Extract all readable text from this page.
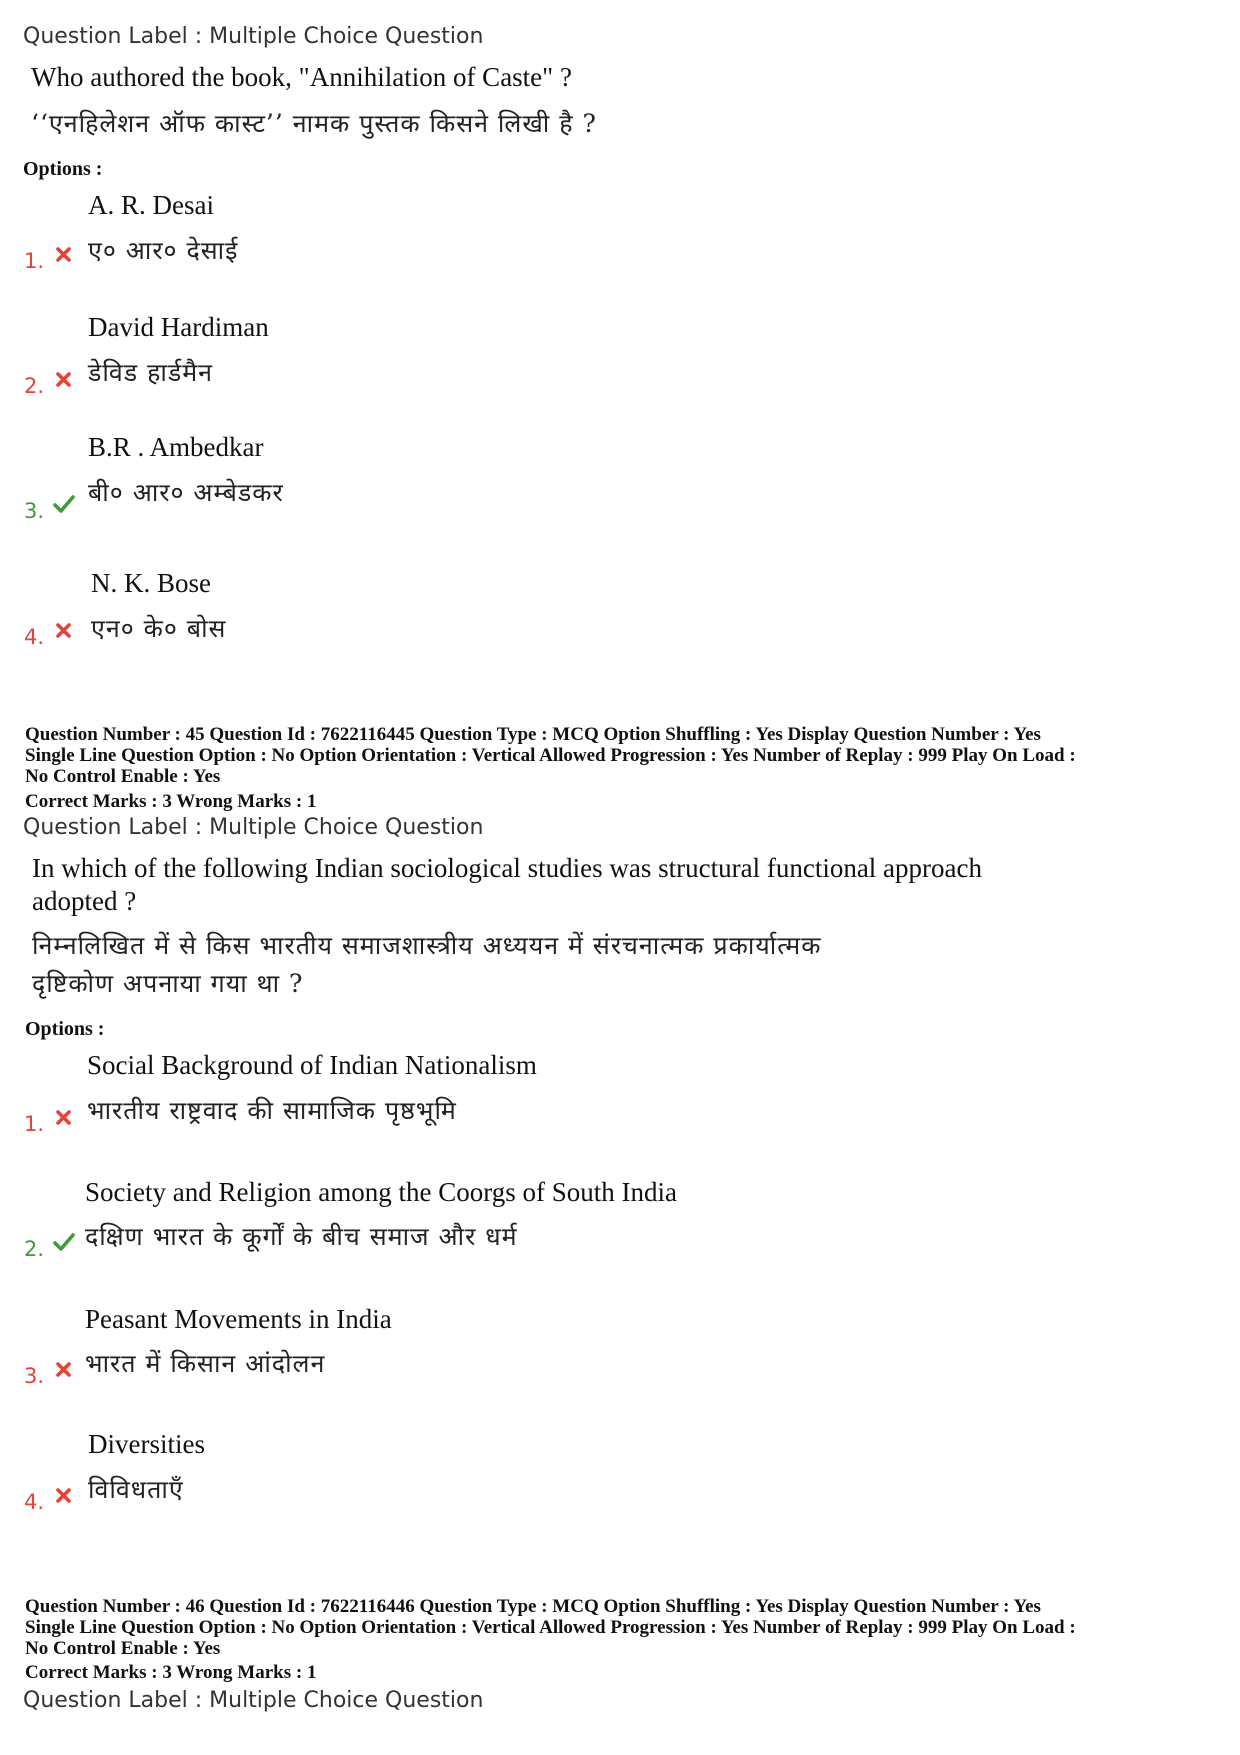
Question Label : Multiple Choice Question
Who authored the book, "Annihilation of Caste" ?
‘‘एनहिलेशन ऑफ कास्ट’’ नामक पुस्तक किसने लिखी है ?
Options :
A. R. Desai
ए० आर० देसाई
1.
David Hardiman
डेविड हार्डमैन
2.
B.R . Ambedkar
बी० आर० अम्बेडकर
3.
N. K. Bose
एन० के० बोस
4.
Question Number : 45 Question Id : 7622116445 Question Type : MCQ Option Shuffling : Yes Display Question Number : Yes
Single Line Question Option : No Option Orientation : Vertical Allowed Progression : Yes Number of Replay : 999 Play On Load :
No Control Enable : Yes
Correct Marks : 3 Wrong Marks : 1
Question Label : Multiple Choice Question
In which of the following Indian sociological studies was structural functional approach
adopted ?
निम्नलिखित में से किस भारतीय समाजशास्त्रीय अध्ययन में संरचनात्मक प्रकार्यात्मक
दृष्टिकोण अपनाया गया था ?
Options :
Social Background of Indian Nationalism
भारतीय राष्ट्रवाद की सामाजिक पृष्ठभूमि
1.
Society and Religion among the Coorgs of South India
दक्षिण भारत के कूर्गों के बीच समाज और धर्म
2.
Peasant Movements in India
भारत में किसान आंदोलन
3.
Diversities
विविधताएँ
4.
Question Number : 46 Question Id : 7622116446 Question Type : MCQ Option Shuffling : Yes Display Question Number : Yes
Single Line Question Option : No Option Orientation : Vertical Allowed Progression : Yes Number of Replay : 999 Play On Load :
No Control Enable : Yes
Correct Marks : 3 Wrong Marks : 1
Question Label : Multiple Choice Question
